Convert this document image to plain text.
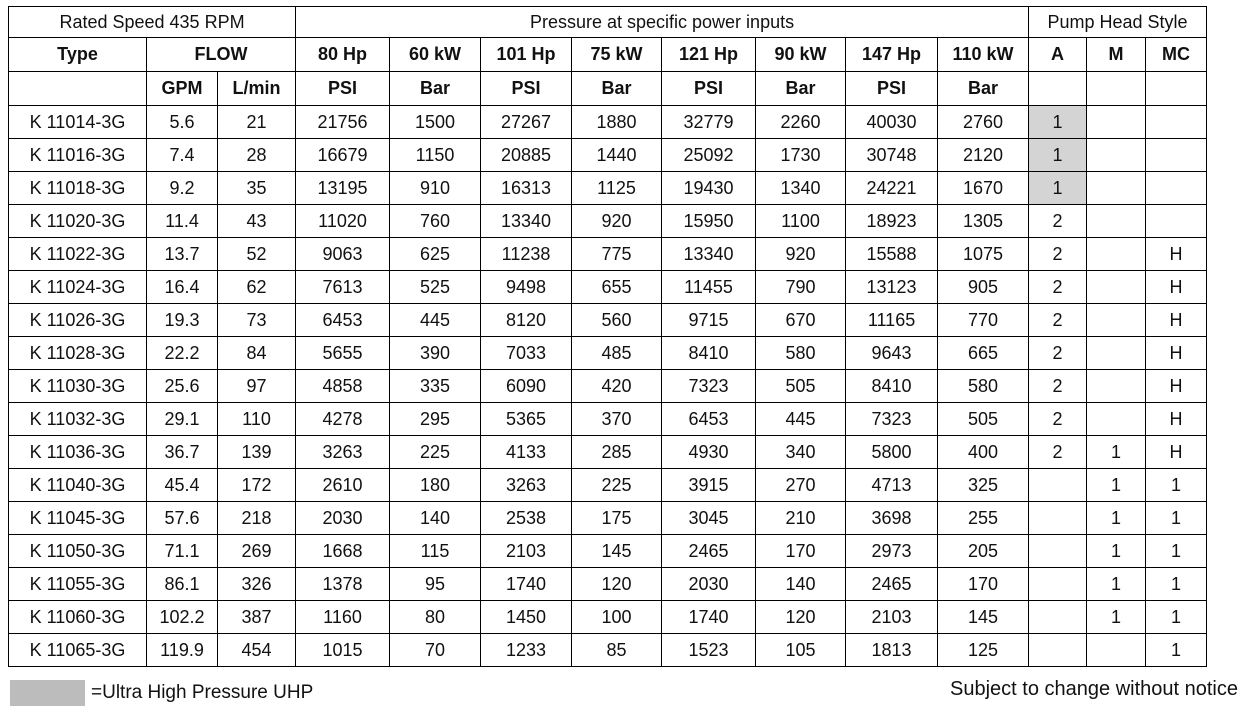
Rated Speed 435 RPM			Pressure at specific power inputs								Pump Head Style		
Type	FLOW		80 Hp	60 kW	101 Hp	75 kW	121 Hp	90 kW	147 Hp	110 kW	A	M	MC
	GPM	L/min	PSI	Bar	PSI	Bar	PSI	Bar	PSI	Bar			
K 11014-3G	5.6	21	21756	1500	27267	1880	32779	2260	40030	2760	1		
K 11016-3G	7.4	28	16679	1150	20885	1440	25092	1730	30748	2120	1		
K 11018-3G	9.2	35	13195	910	16313	1125	19430	1340	24221	1670	1		
K 11020-3G	11.4	43	11020	760	13340	920	15950	1100	18923	1305	2		
K 11022-3G	13.7	52	9063	625	11238	775	13340	920	15588	1075	2		H
K 11024-3G	16.4	62	7613	525	9498	655	11455	790	13123	905	2		H
K 11026-3G	19.3	73	6453	445	8120	560	9715	670	11165	770	2		H
K 11028-3G	22.2	84	5655	390	7033	485	8410	580	9643	665	2		H
K 11030-3G	25.6	97	4858	335	6090	420	7323	505	8410	580	2		H
K 11032-3G	29.1	110	4278	295	5365	370	6453	445	7323	505	2		H
K 11036-3G	36.7	139	3263	225	4133	285	4930	340	5800	400	2	1	H
K 11040-3G	45.4	172	2610	180	3263	225	3915	270	4713	325		1	1
K 11045-3G	57.6	218	2030	140	2538	175	3045	210	3698	255		1	1
K 11050-3G	71.1	269	1668	115	2103	145	2465	170	2973	205		1	1
K 11055-3G	86.1	326	1378	95	1740	120	2030	140	2465	170		1	1
K 11060-3G	102.2	387	1160	80	1450	100	1740	120	2103	145		1	1
K 11065-3G	119.9	454	1015	70	1233	85	1523	105	1813	125			1
=Ultra High Pressure UHP	Subject to change without notice
